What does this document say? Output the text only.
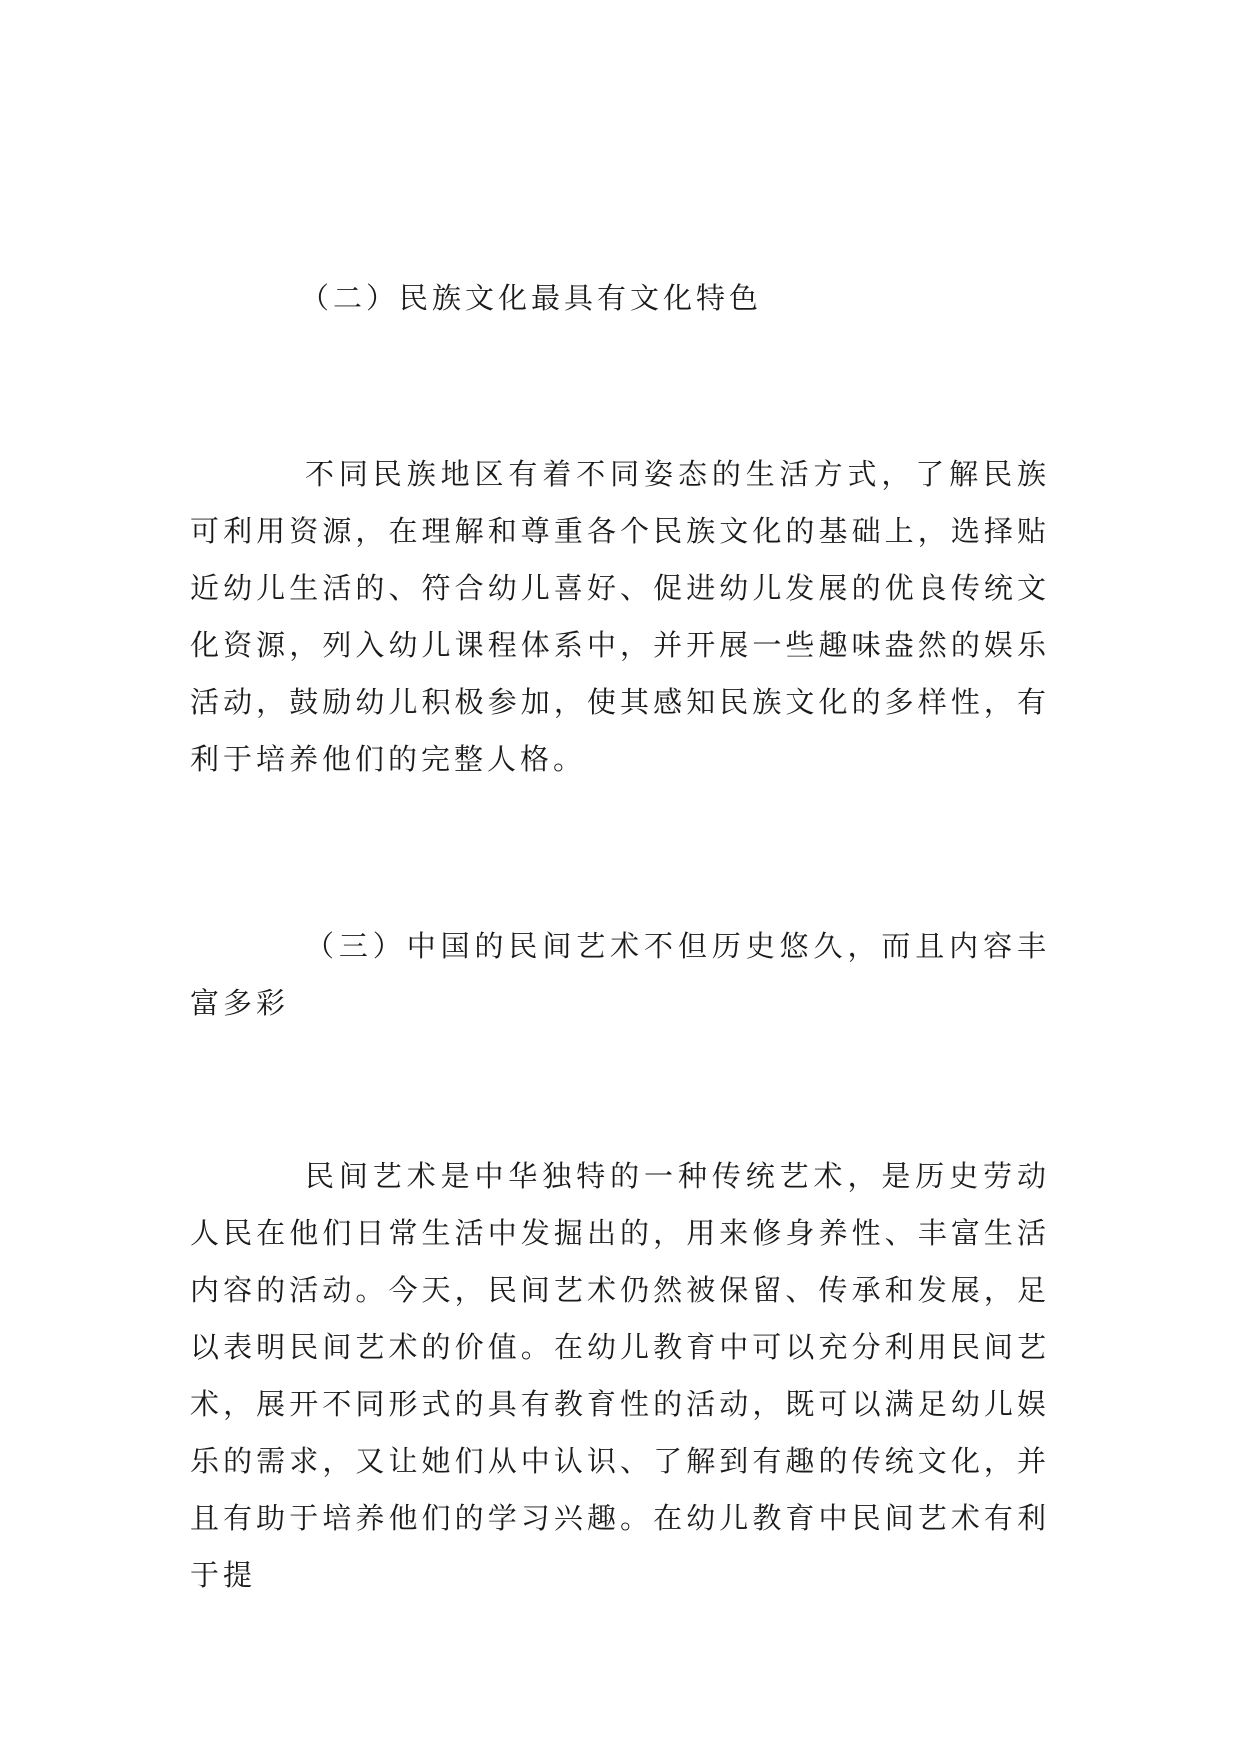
（二）民族文化最具有文化特色
不同民族地区有着不同姿态的生活方式，了解民族可利用资源，在理解和尊重各个民族文化的基础上，选择贴近幼儿生活的、符合幼儿喜好、促进幼儿发展的优良传统文化资源，列入幼儿课程体系中，并开展一些趣味盎然的娱乐活动，鼓励幼儿积极参加，使其感知民族文化的多样性，有利于培养他们的完整人格。
（三）中国的民间艺术不但历史悠久，而且内容丰富多彩
民间艺术是中华独特的一种传统艺术，是历史劳动人民在他们日常生活中发掘出的，用来修身养性、丰富生活内容的活动。今天，民间艺术仍然被保留、传承和发展，足以表明民间艺术的价值。在幼儿教育中可以充分利用民间艺术，展开不同形式的具有教育性的活动，既可以满足幼儿娱乐的需求，又让她们从中认识、了解到有趣的传统文化，并且有助于培养他们的学习兴趣。在幼儿教育中民间艺术有利于提
